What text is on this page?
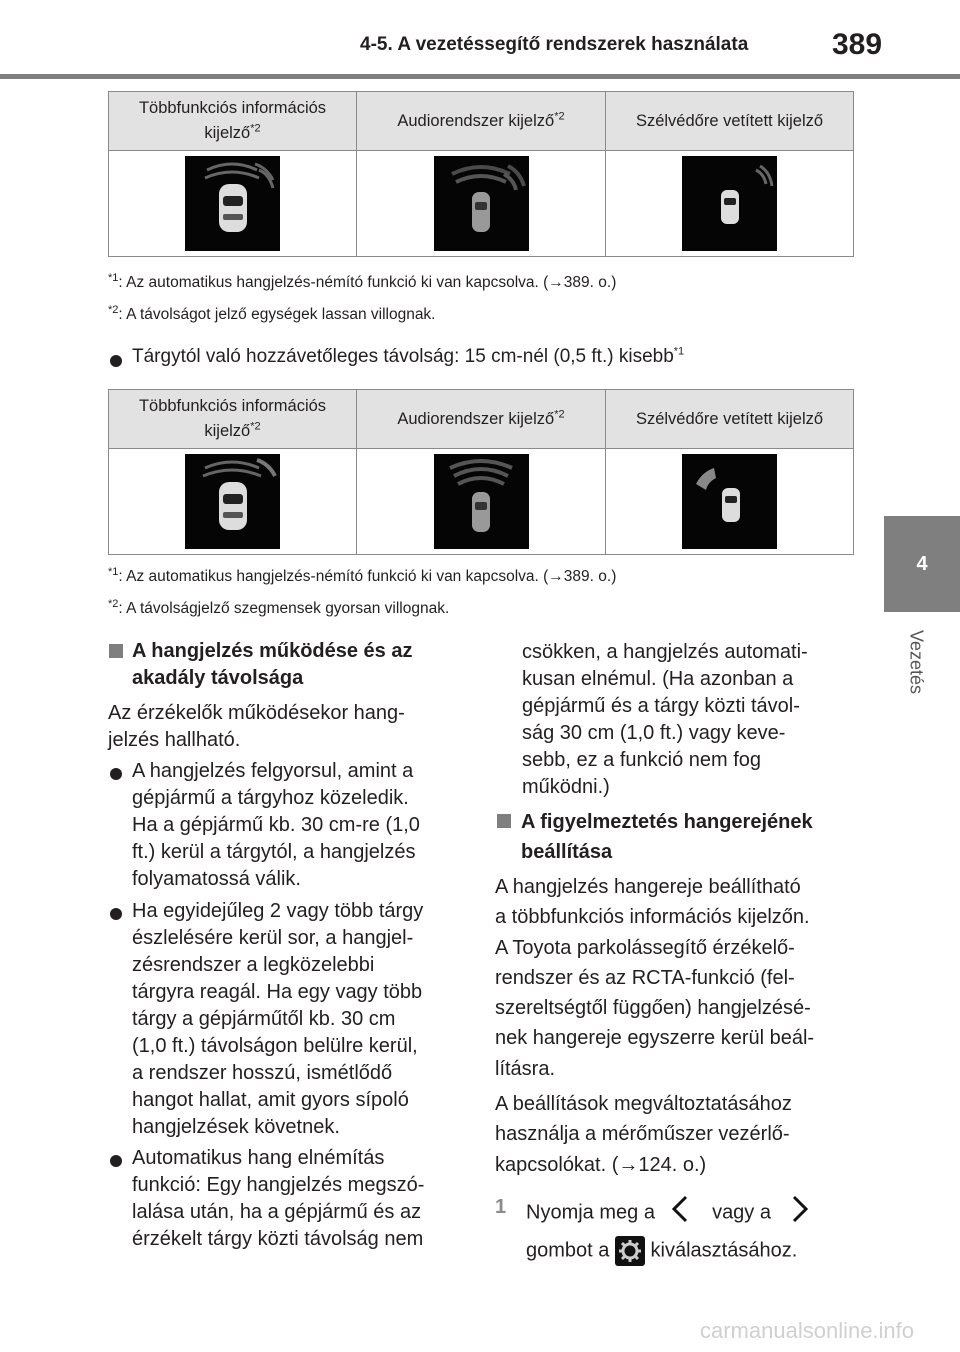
4-5. A vezetéssegítő rendszerek használata	389
4
Vezetés
Többfunkciós információs kijelző$^{*2}$	Audiorendszer kijelző$^{*2}$	Szélvédőre vetített kijelző

$^{*1}$: Az automatikus hangjelzés-némító funkció ki van kapcsolva. (→389. o.)
$^{*2}$: A távolságot jelző egységek lassan villognak.
Tárgytól való hozzávetőleges távolság: 15 cm-nél (0,5 ft.) kisebb$^{*1}$
Többfunkciós információs kijelző$^{*2}$	Audiorendszer kijelző$^{*2}$	Szélvédőre vetített kijelző

$^{*1}$: Az automatikus hangjelzés-némító funkció ki van kapcsolva. (→389. o.)
$^{*2}$: A távolságjelző szegmensek gyorsan villognak.
A hangjelzés működése és az
akadály távolsága
Az érzékelők működésekor hang-
jelzés hallható.
A hangjelzés felgyorsul, amint a
gépjármű a tárgyhoz közeledik.
Ha a gépjármű kb. 30 cm-re (1,0
ft.) kerül a tárgytól, a hangjelzés
folyamatossá válik.
Ha egyidejűleg 2 vagy több tárgy
észlelésére kerül sor, a hangjel-
zésrendszer a legközelebbi
tárgyra reagál. Ha egy vagy több
tárgy a gépjárműtől kb. 30 cm
(1,0 ft.) távolságon belülre kerül,
a rendszer hosszú, ismétlődő
hangot hallat, amit gyors sípoló
hangjelzések követnek.
Automatikus hang elnémítás
funkció: Egy hangjelzés megszó-
lalása után, ha a gépjármű és az
érzékelt tárgy közti távolság nem
csökken, a hangjelzés automati-
kusan elnémul. (Ha azonban a
gépjármű és a tárgy közti távol-
ság 30 cm (1,0 ft.) vagy keve-
sebb, ez a funkció nem fog
működni.)
A figyelmeztetés hangerejének
beállítása
A hangjelzés hangereje beállítható
a többfunkciós információs kijelzőn.
A Toyota parkolássegítő érzékelő-
rendszer és az RCTA-funkció (fel-
szereltségtől függően) hangjelzésé-
nek hangereje egyszerre kerül beál-
lításra.
A beállítások megváltoztatásához
használja a mérőműszer vezérlő-
kapcsolókat. (→124. o.)
1 Nyomja meg a	vagy a
gombot a kiválasztásához.
carmanualsonline.info
